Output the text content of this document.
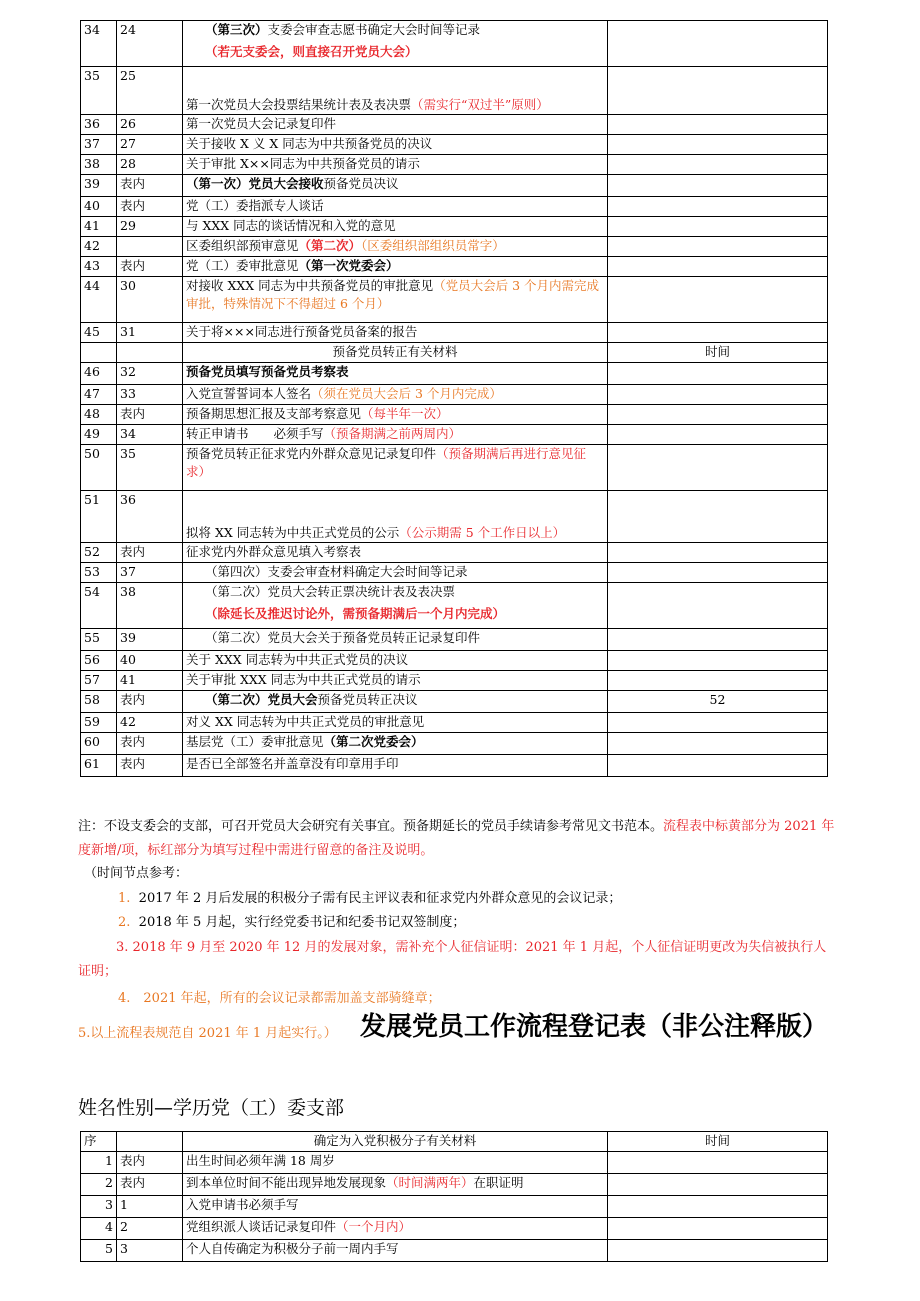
34	24	（第三次）支委会审查志愿书确定大会时间等记录
（若无支委会，则直接召开党员大会）	

35	25	第一次党员大会投票结果统计表及表决票（需实行“双过半”原则）	
36	26	第一次党员大会记录复印件	
37	27	关于接收 X 义 X 同志为中共预备党员的决议	
38	28	关于审批 X××同志为中共预备党员的请示	
39	表内	（第一次）党员大会接收预备党员决议	
40	表内	党（工）委指派专人谈话	
41	29	与 XXX 同志的谈话情况和入党的意见	
42		区委组织部预审意见（第二次）（区委组织部组织员常字）	
43	表内	党（工）委审批意见（第一次党委会）	
44	30	对接收 XXX 同志为中共预备党员的审批意见（党员大会后 3 个月内需完成审批，特殊情况下不得超过 6 个月）	
45	31	关于将×××同志进行预备党员备案的报告	
		预备党员转正有关材料	时间
46	32	预备党员填写预备党员考察表	
47	33	入党宣誓誓词本人签名（须在党员大会后 3 个月内完成）	
48	表内	预备期思想汇报及支部考察意见（每半年一次）	
49	34	转正申请书　　必须手写（预备期满之前两周内）	
50	35	预备党员转正征求党内外群众意见记录复印件（预备期满后再进行意见征求）	
51	36	拟将 XX 同志转为中共正式党员的公示（公示期需 5 个工作日以上）	
52	表内	征求党内外群众意见填入考察表	
53	37	（第四次）支委会审查材料确定大会时间等记录	
54	38	（第二次）党员大会转正票决统计表及表决票
（除延长及推迟讨论外，需预备期满后一个月内完成）	

55	39	（第二次）党员大会关于预备党员转正记录复印件	
56	40	关于 XXX 同志转为中共正式党员的决议	
57	41	关于审批 XXX 同志为中共正式党员的请示	
58	表内	（第二次）党员大会预备党员转正决议	52
59	42	对义 XX 同志转为中共正式党员的审批意见	
60	表内	基层党（工）委审批意见（第二次党委会）	
61	表内	是否已全部签名并盖章没有印章用手印	
注：不设支委会的支部，可召开党员大会研究有关事宜。预备期延长的党员手续请参考常见文书范本。流程表中标黄部分为 2021 年度新增/项，标红部分为填写过程中需进行留意的备注及说明。
（时间节点参考：
1. 2017 年 2 月后发展的积极分子需有民主评议表和征求党内外群众意见的会议记录；
2. 2018 年 5 月起，实行经党委书记和纪委书记双签制度；
3. 2018 年 9 月至 2020 年 12 月的发展对象，需补充个人征信证明：2021 年 1 月起，个人征信证明更改为失信被执行人证明；
4.　2021 年起，所有的会议记录都需加盖支部骑缝章；
5.以上流程表规范自 2021 年 1 月起实行。） 发展党员工作流程登记表（非公注释版）
姓名性别—学历党（工）委支部
序		确定为入党积极分子有关材料	时间
1	表内	出生时间必须年满 18 周岁	
2	表内	到本单位时间不能出现异地发展现象（时间满两年）在职证明	
3	1	入党申请书必须手写	
4	2	党组织派人谈话记录复印件（一个月内）	
5	3	个人自传确定为积极分子前一周内手写	
